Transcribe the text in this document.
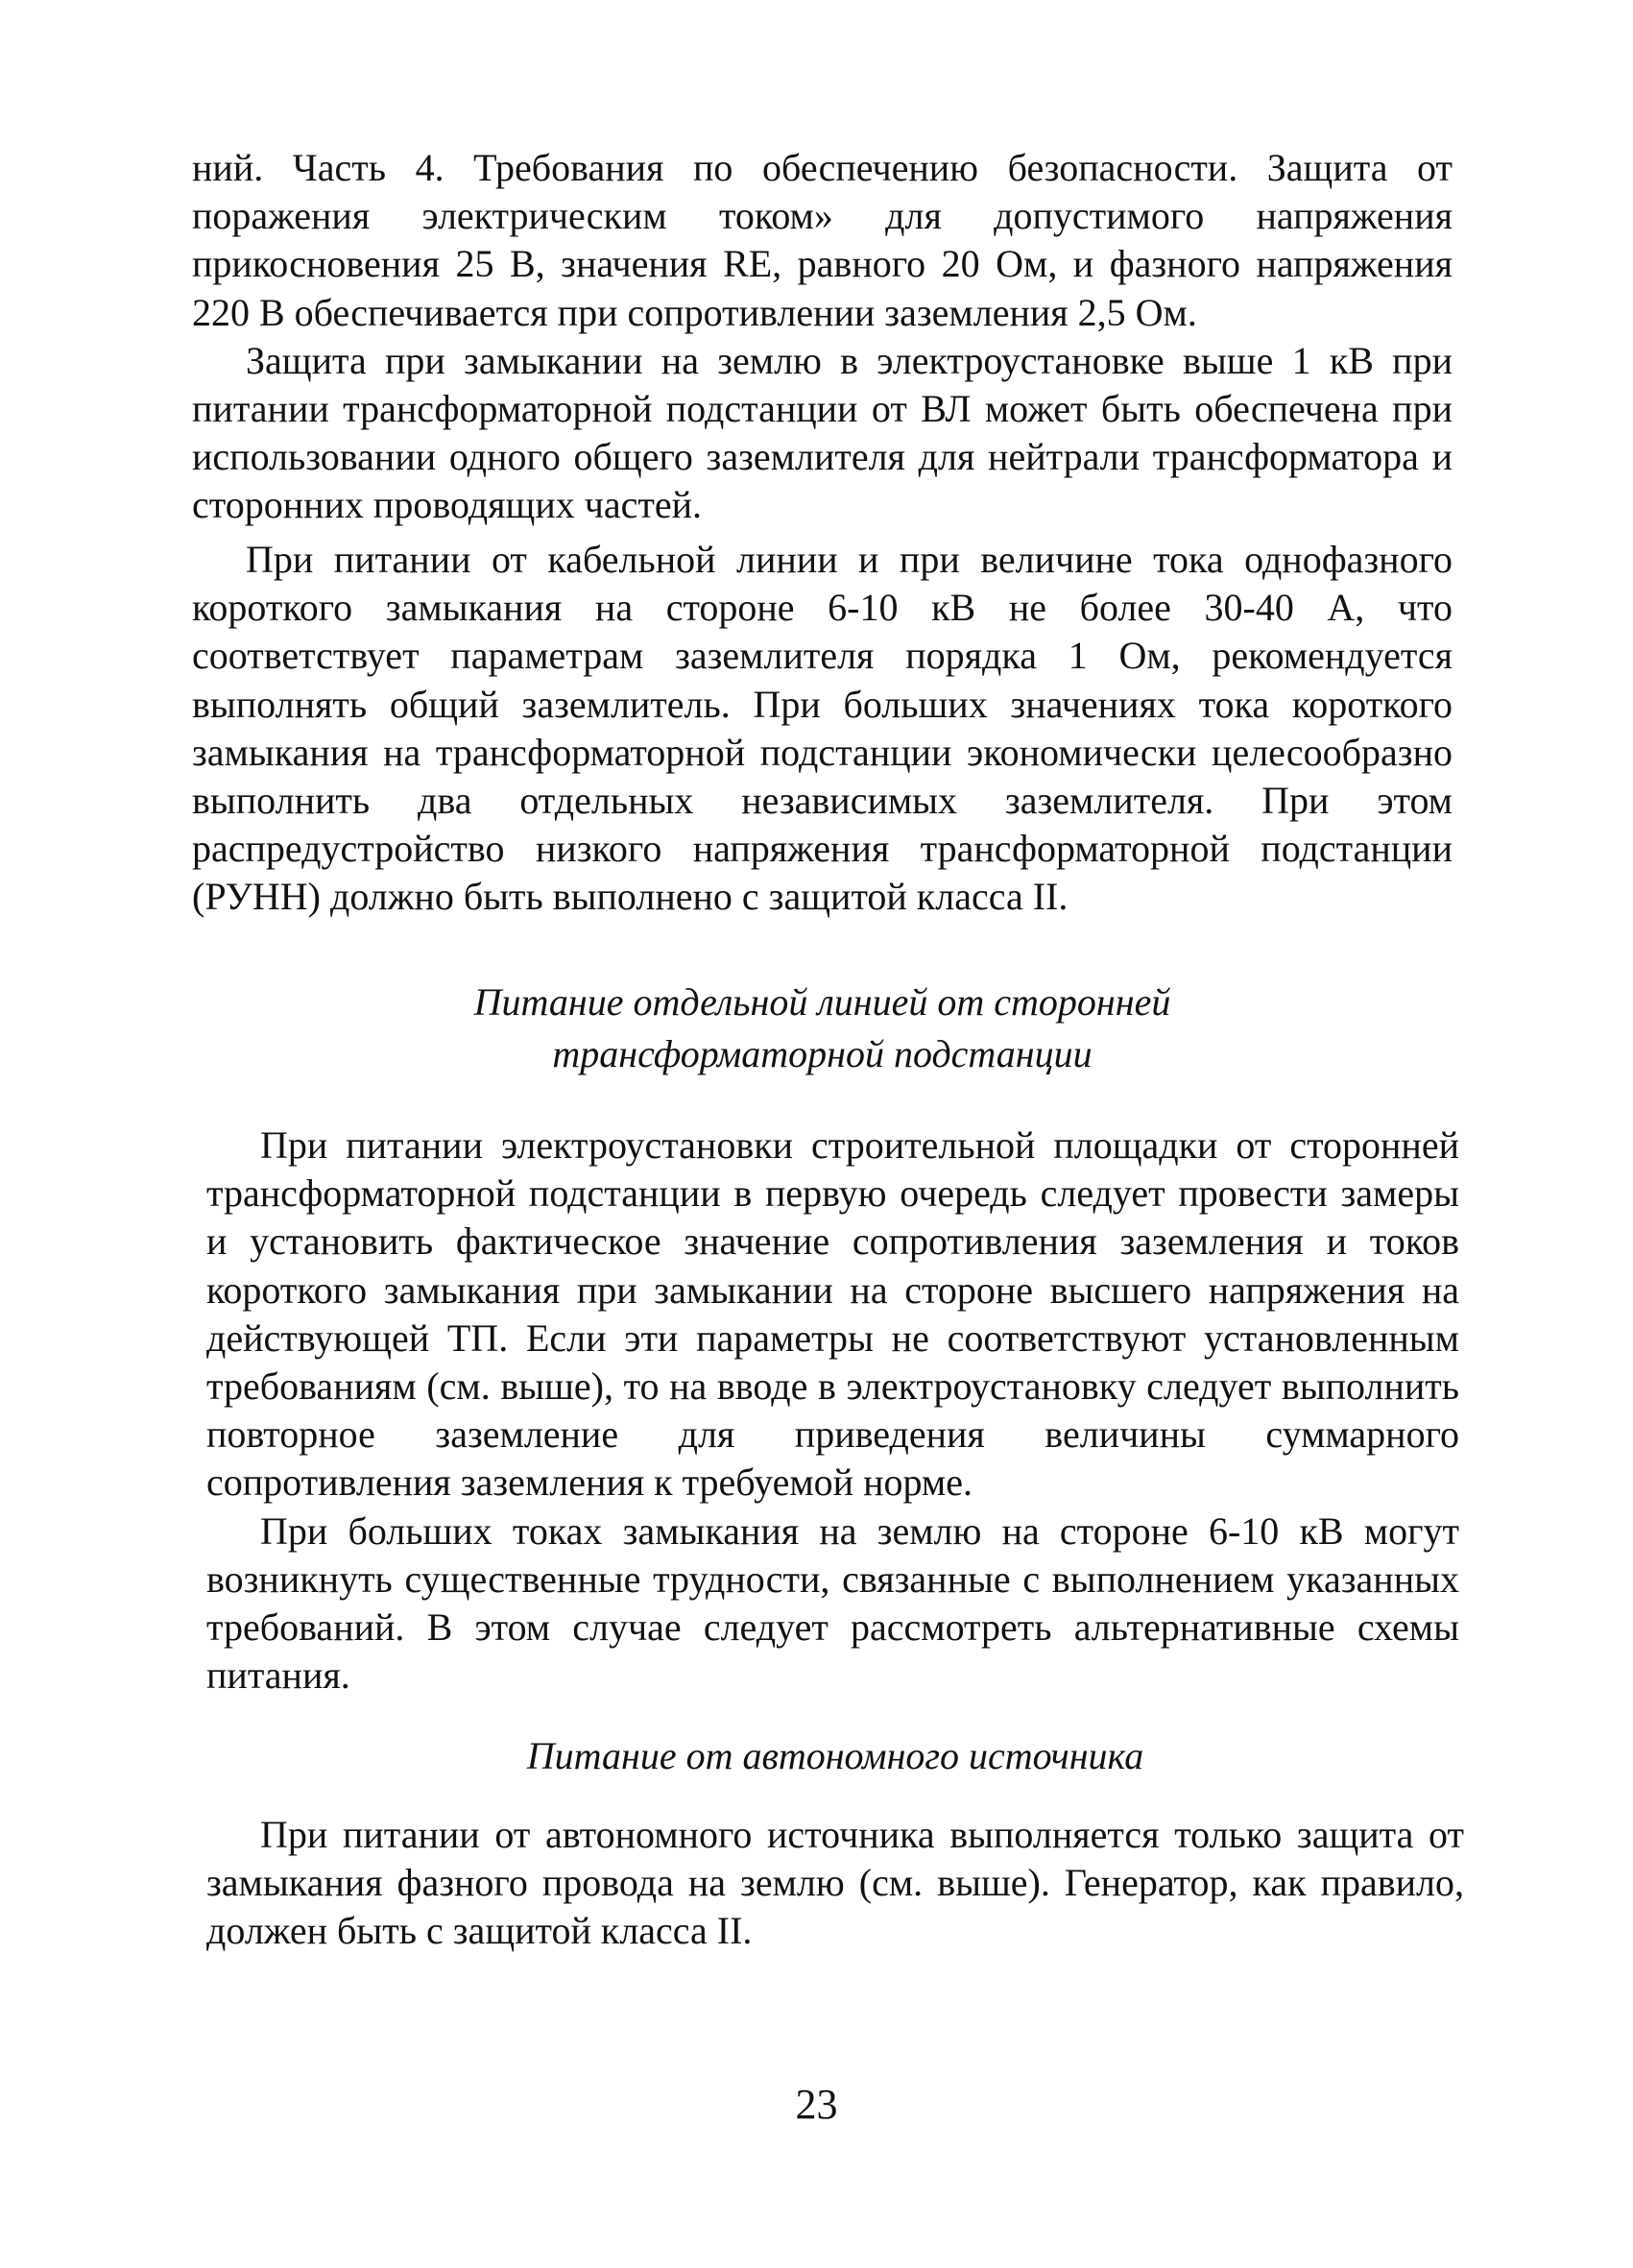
ний. Часть 4. Требования по обеспечению безопасности. Защита от поражения электрическим током» для допустимого напряжения прикосновения 25 В, значения RE, равного 20 Ом, и фазного напряжения 220 В обеспечивается при сопротивлении заземления 2,5 Ом.

Защита при замыкании на землю в электроустановке выше 1 кВ при питании трансформаторной подстанции от ВЛ может быть обеспечена при использовании одного общего заземлителя для нейтрали трансформатора и сторонних проводящих частей.

При питании от кабельной линии и при величине тока однофазного короткого замыкания на стороне 6-10 кВ не более 30-40 А, что соответствует параметрам заземлителя порядка 1 Ом, рекомендуется выполнять общий заземлитель. При больших значениях тока короткого замыкания на трансформаторной подстанции экономически целесообразно выполнить два отдельных независимых заземлителя. При этом распредустройство низкого напряжения трансформаторной подстанции (РУНН) должно быть выполнено с защитой класса II.

Питание отдельной линией от сторонней
трансформаторной подстанции

При питании электроустановки строительной площадки от сторонней трансформаторной подстанции в первую очередь следует провести замеры и установить фактическое значение сопротивления заземления и токов короткого замыкания при замыкании на стороне высшего напряжения на действующей ТП. Если эти параметры не соответствуют установленным требованиям (см. выше), то на вводе в электроустановку следует выполнить повторное заземление для приведения величины суммарного сопротивления заземления к требуемой норме.

При больших токах замыкания на землю на стороне 6-10 кВ могут возникнуть существенные трудности, связанные с выполнением указанных требований. В этом случае следует рассмотреть альтернативные схемы питания.

Питание от автономного источника

При питании от автономного источника выполняется только защита от замыкания фазного провода на землю (см. выше). Генератор, как правило, должен быть с защитой класса II.

23
